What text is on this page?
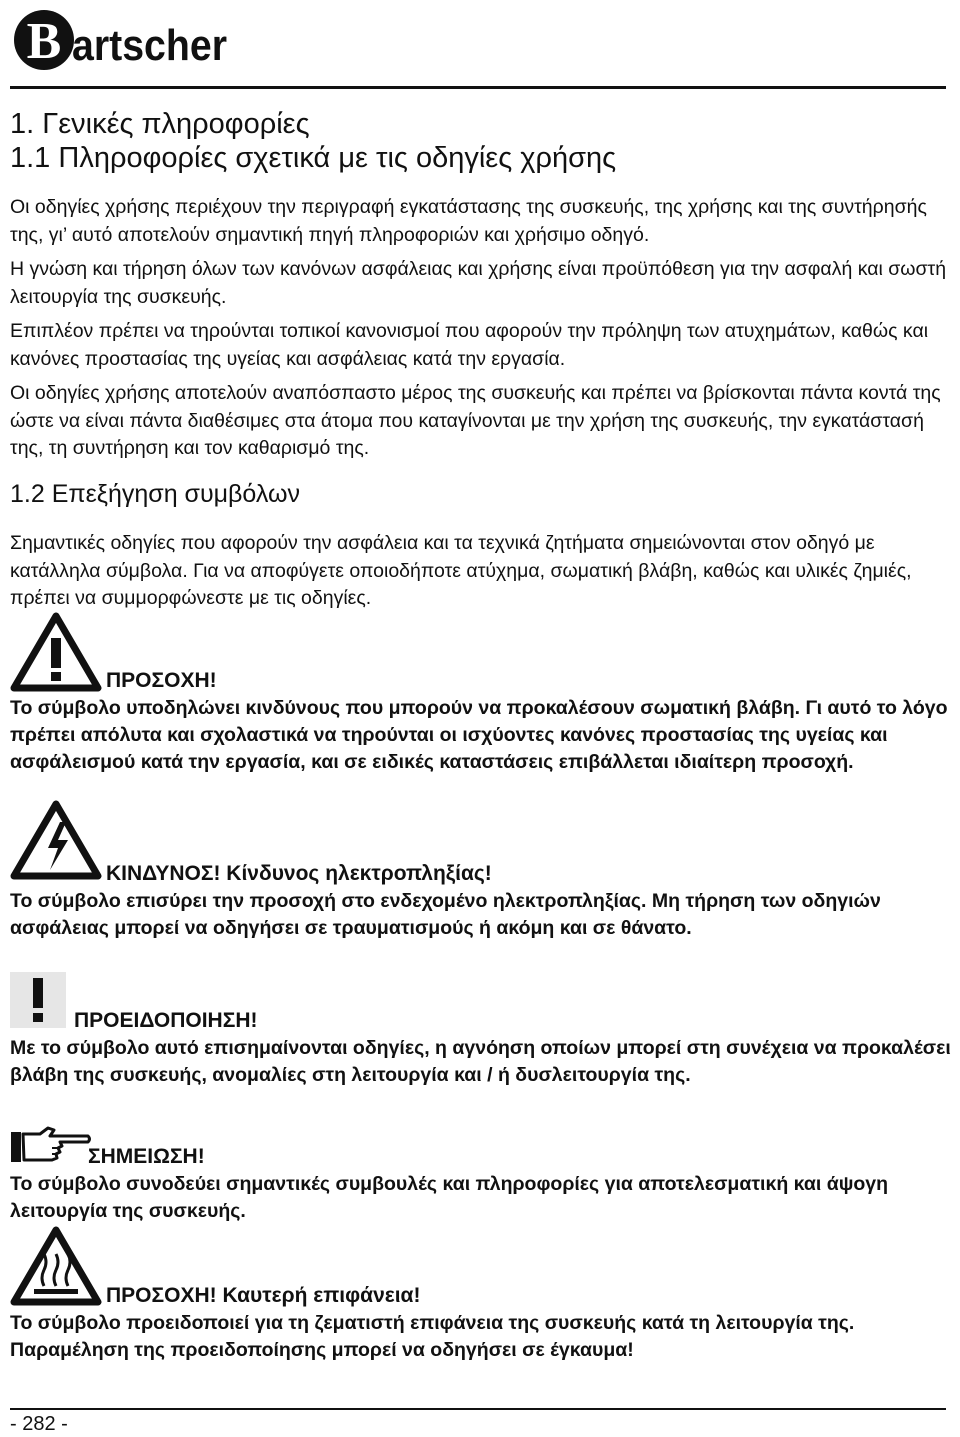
B artscher
1. Γενικές πληροφορίες
1.1 Πληροφορίες σχετικά με τις οδηγίες χρήσης

Οι οδηγίες χρήσης περιέχουν την περιγραφή εγκατάστασης της συσκευής, της χρήσης και της συντήρησής της, γι’ αυτό αποτελούν σημαντική πηγή πληροφοριών και χρήσιμο οδηγό.

Η γνώση και τήρηση όλων των κανόνων ασφάλειας και χρήσης είναι προϋπόθεση για την ασφαλή και σωστή λειτουργία της συσκευής.

Επιπλέον πρέπει να τηρούνται τοπικοί κανονισμοί που αφορούν την πρόληψη των ατυχημάτων, καθώς και κανόνες προστασίας της υγείας και ασφάλειας κατά την εργασία.

Οι οδηγίες χρήσης αποτελούν αναπόσπαστο μέρος της συσκευής και πρέπει να βρίσκονται πάντα κοντά της ώστε να είναι πάντα διαθέσιμες στα άτομα που καταγίνονται με την χρήση της συσκευής, την εγκατάστασή της, τη συντήρηση και τον καθαρισμό της.

1.2 Επεξήγηση συμβόλων

Σημαντικές οδηγίες που αφορούν την ασφάλεια και τα τεχνικά ζητήματα σημειώνονται στον οδηγό με κατάλληλα σύμβολα. Για να αποφύγετε οποιοδήποτε ατύχημα, σωματική βλάβη, καθώς και υλικές ζημιές, πρέπει να συμμορφώνεστε με τις οδηγίες.

ΠΡΟΣΟΧΗ!

Το σύμβολο υποδηλώνει κινδύνους που μπορούν να προκαλέσουν σωματική βλάβη. Γι αυτό το λόγο πρέπει απόλυτα και σχολαστικά να τηρούνται οι ισχύοντες κανόνες προστασίας της υγείας και ασφάλεισμού κατά την εργασία, και σε ειδικές καταστάσεις επιβάλλεται ιδιαίτερη προσοχή.

ΚΙΝΔΥΝΟΣ! Κίνδυνος ηλεκτροπληξίας!

Το σύμβολο επισύρει την προσοχή στο ενδεχομένο ηλεκτροπληξίας. Μη τήρηση των οδηγιών ασφάλειας μπορεί να οδηγήσει σε τραυματισμούς ή ακόμη και σε θάνατο.

ΠΡΟΕΙΔΟΠΟΙΗΣΗ!

Με το σύμβολο αυτό επισημαίνονται οδηγίες, η αγνόηση οποίων μπορεί στη συνέχεια να προκαλέσει βλάβη της συσκευής, ανομαλίες στη λειτουργία και / ή δυσλειτουργία της.

ΣΗΜΕΙΩΣΗ!

Το σύμβολο συνοδεύει σημαντικές συμβουλές και πληροφορίες για αποτελεσματική και άψογη λειτουργία της συσκευής.

ΠΡΟΣΟΧΗ! Καυτερή επιφάνεια!

Το σύμβολο προειδοποιεί για τη ζεματιστή επιφάνεια της συσκευής κατά τη λειτουργία της. Παραμέληση της προειδοποίησης μπορεί να οδηγήσει σε έγκαυμα!

- 282 -
